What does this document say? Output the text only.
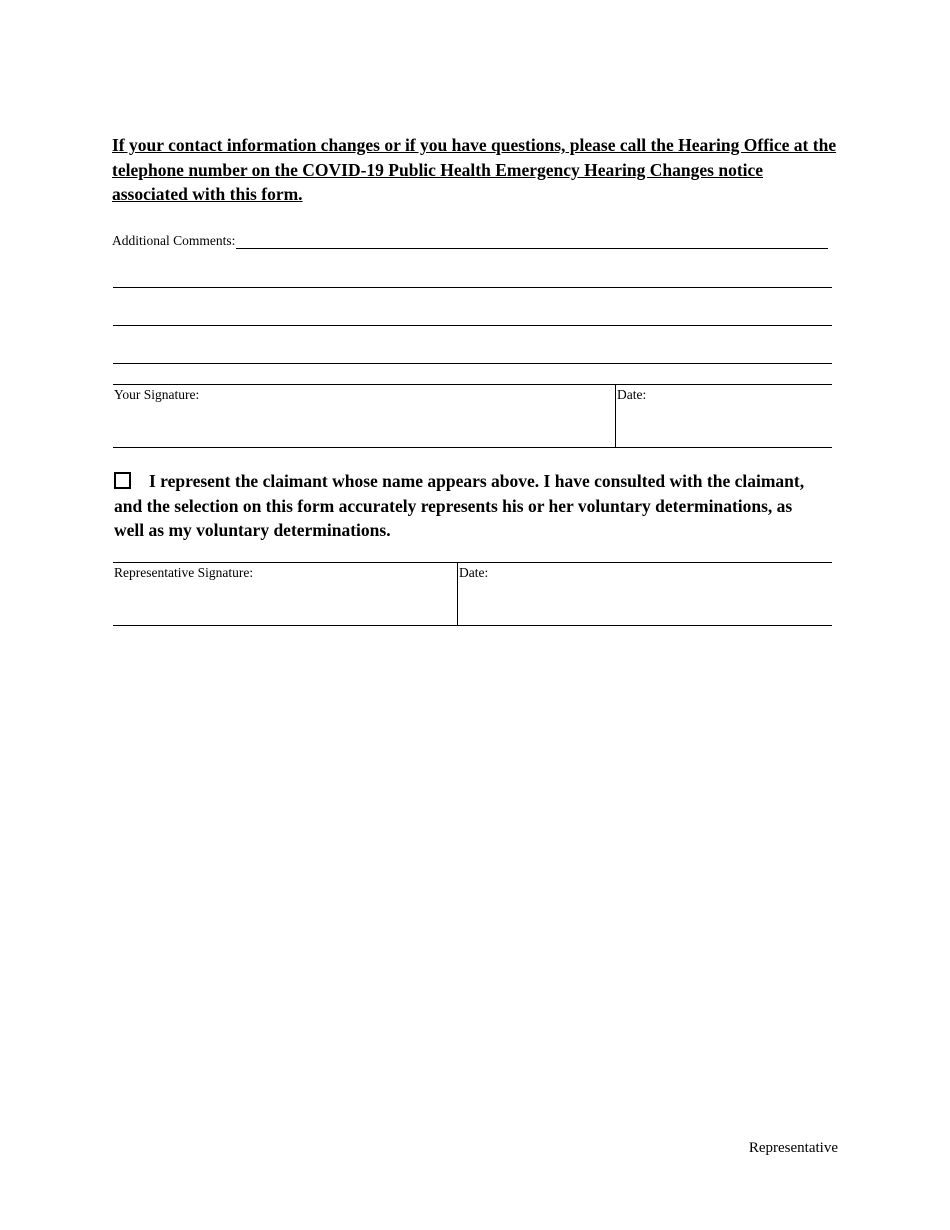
If your contact information changes or if you have questions, please call the Hearing Office at the telephone number on the COVID-19 Public Health Emergency Hearing Changes notice associated with this form.
Additional Comments:
Your Signature:	Date:
I represent the claimant whose name appears above. I have consulted with the claimant, and the selection on this form accurately represents his or her voluntary determinations, as well as my voluntary determinations.
Representative Signature:	Date:
Representative
